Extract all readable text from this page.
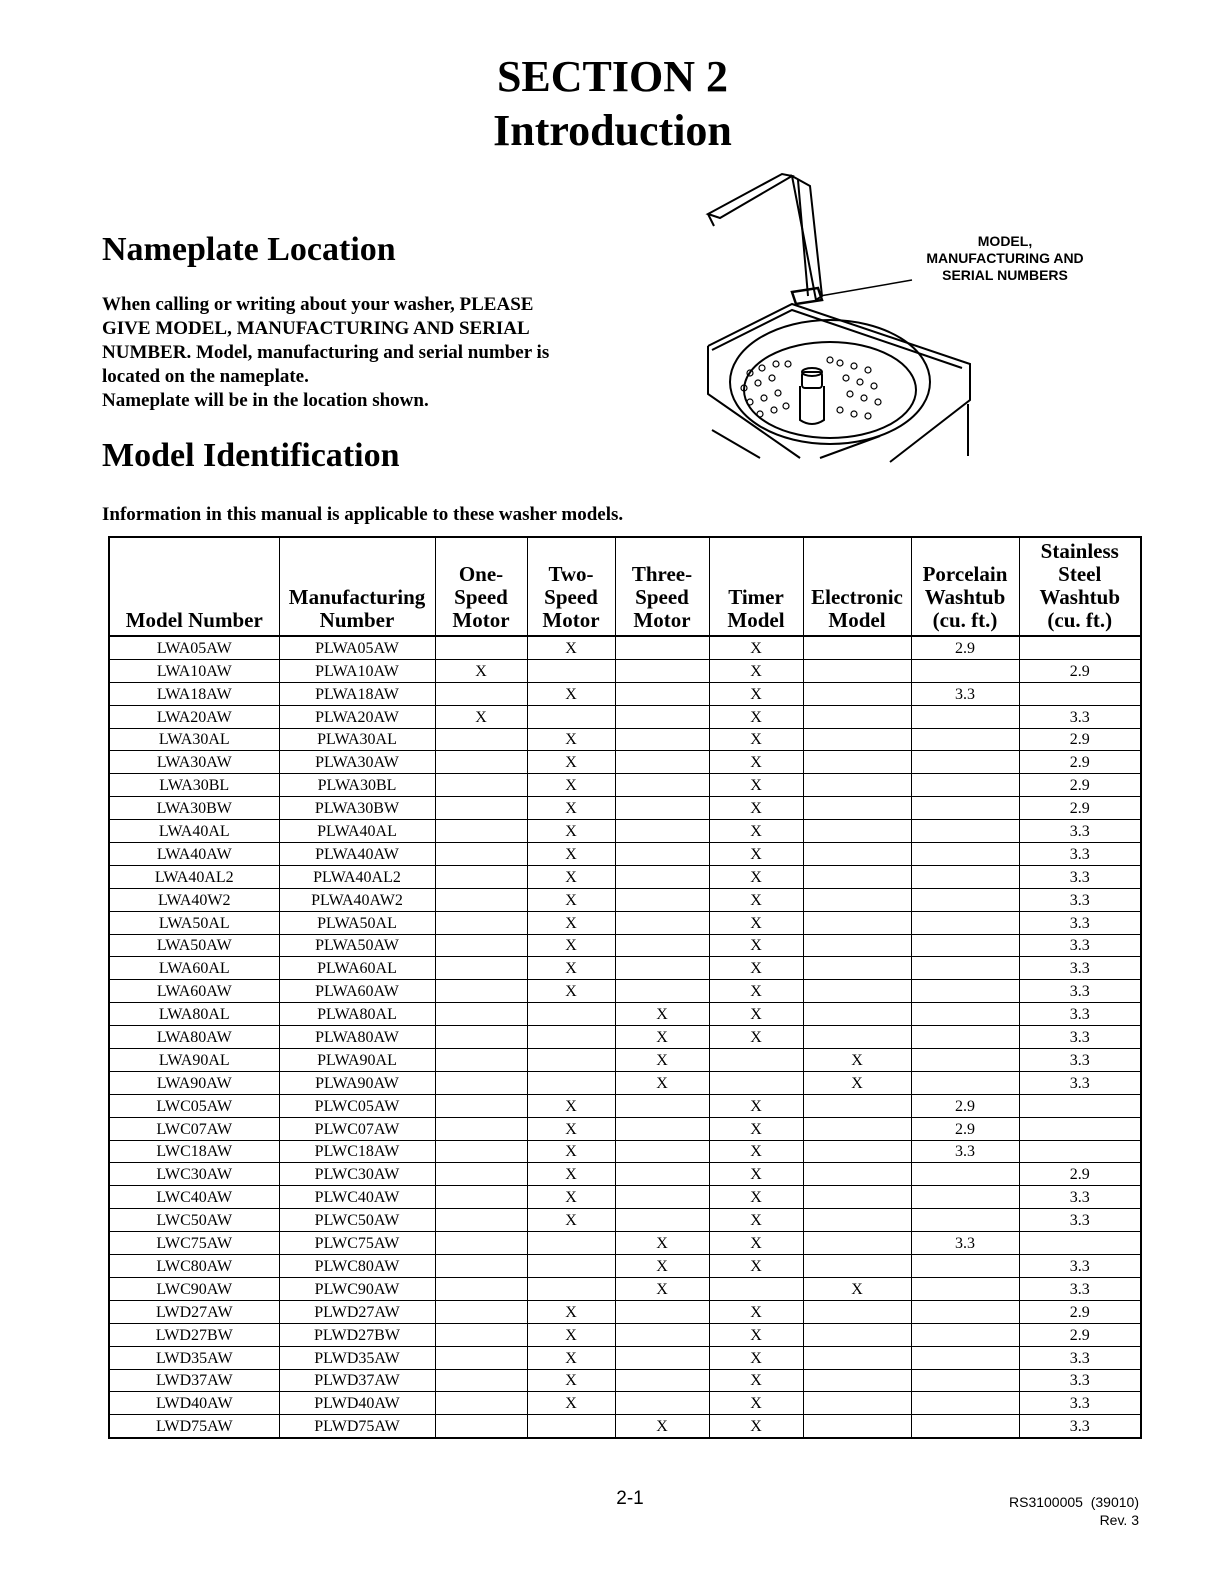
SECTION 2
Introduction
Nameplate Location
When calling or writing about your washer, PLEASE
GIVE MODEL, MANUFACTURING AND SERIAL
NUMBER. Model, manufacturing and serial number is
located on the nameplate.
Nameplate will be in the location shown.
MODEL,
MANUFACTURING AND
SERIAL NUMBERS
Model Identification

Information in this manual is applicable to these washer models.

Model Number	Manufacturing Number	One- Speed Motor	Two- Speed Motor	Three- Speed Motor	Timer Model	Electronic Model	Porcelain Washtub (cu. ft.)	Stainless Steel Washtub (cu. ft.)
LWA05AW	PLWA05AW		X		X		2.9	
LWA10AW	PLWA10AW	X			X			2.9
LWA18AW	PLWA18AW		X		X		3.3	
LWA20AW	PLWA20AW	X			X			3.3
LWA30AL	PLWA30AL		X		X			2.9
LWA30AW	PLWA30AW		X		X			2.9
LWA30BL	PLWA30BL		X		X			2.9
LWA30BW	PLWA30BW		X		X			2.9
LWA40AL	PLWA40AL		X		X			3.3
LWA40AW	PLWA40AW		X		X			3.3
LWA40AL2	PLWA40AL2		X		X			3.3
LWA40W2	PLWA40AW2		X		X			3.3
LWA50AL	PLWA50AL		X		X			3.3
LWA50AW	PLWA50AW		X		X			3.3
LWA60AL	PLWA60AL		X		X			3.3
LWA60AW	PLWA60AW		X		X			3.3
LWA80AL	PLWA80AL			X	X			3.3
LWA80AW	PLWA80AW			X	X			3.3
LWA90AL	PLWA90AL			X		X		3.3
LWA90AW	PLWA90AW			X		X		3.3
LWC05AW	PLWC05AW		X		X		2.9	
LWC07AW	PLWC07AW		X		X		2.9	
LWC18AW	PLWC18AW		X		X		3.3	
LWC30AW	PLWC30AW		X		X			2.9
LWC40AW	PLWC40AW		X		X			3.3
LWC50AW	PLWC50AW		X		X			3.3
LWC75AW	PLWC75AW			X	X		3.3	
LWC80AW	PLWC80AW			X	X			3.3
LWC90AW	PLWC90AW			X		X		3.3
LWD27AW	PLWD27AW		X		X			2.9
LWD27BW	PLWD27BW		X		X			2.9
LWD35AW	PLWD35AW		X		X			3.3
LWD37AW	PLWD37AW		X		X			3.3
LWD40AW	PLWD40AW		X		X			3.3
LWD75AW	PLWD75AW			X	X			3.3

2-1	RS3100005  (39010)
Rev. 3
